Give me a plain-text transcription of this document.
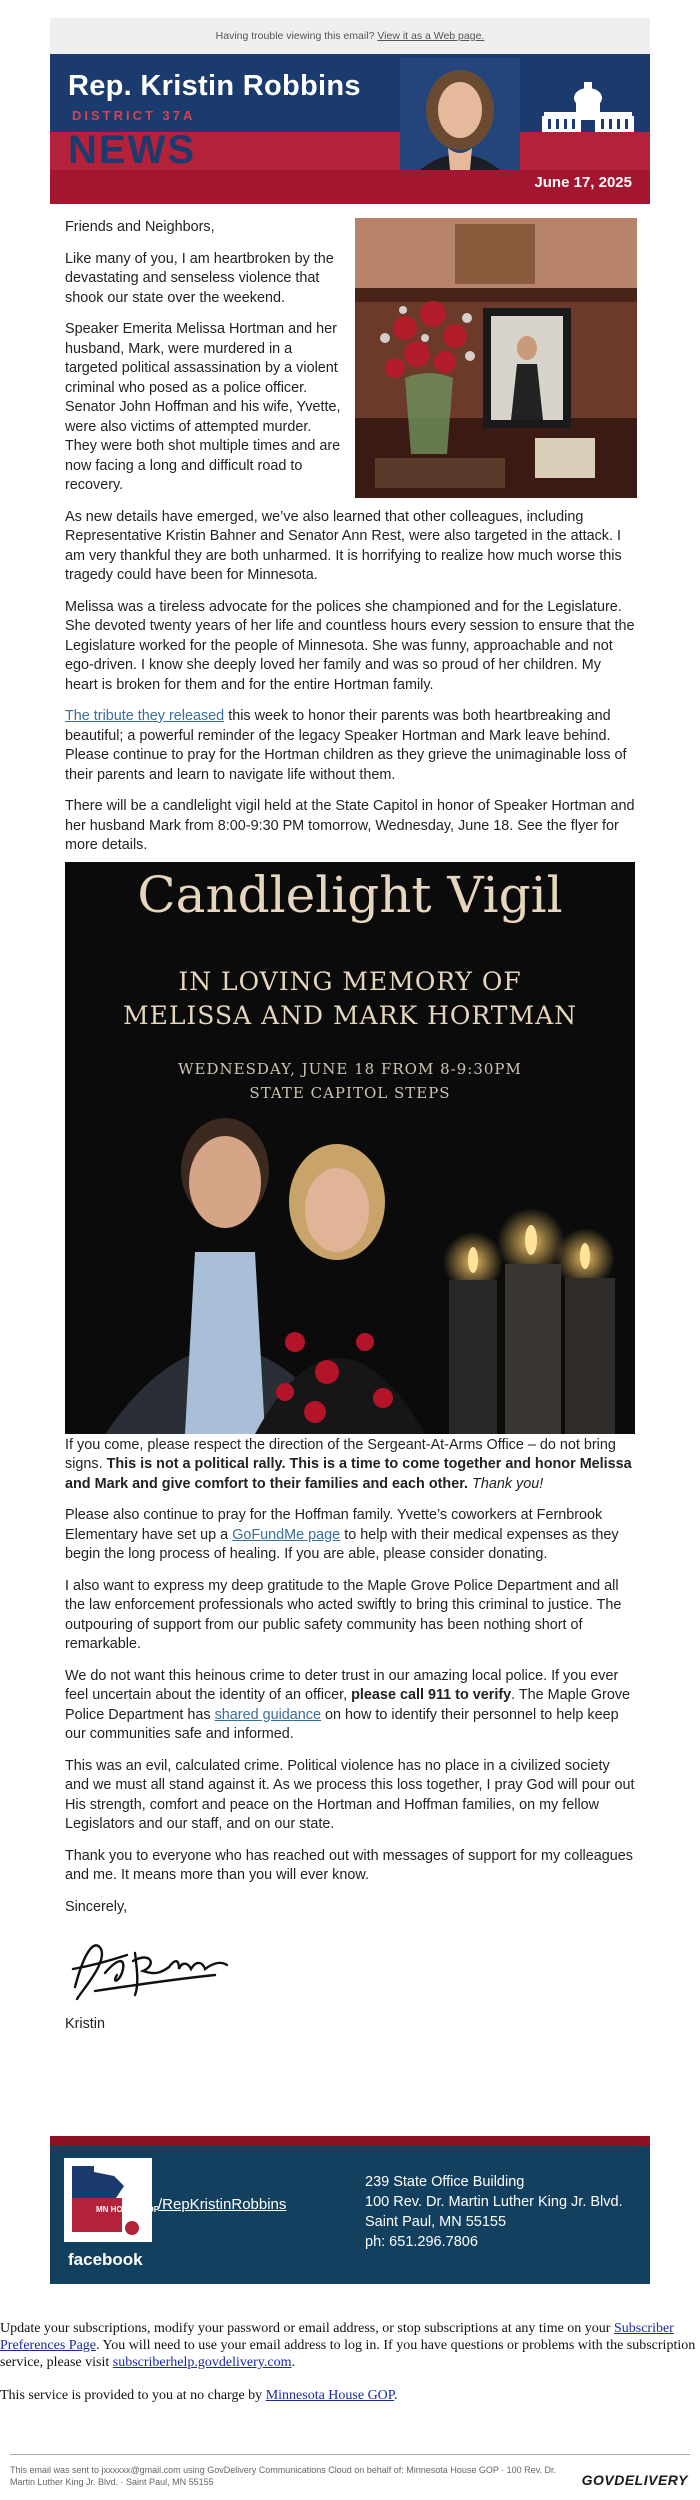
Having trouble viewing this email? View it as a Web page.
Rep. Kristin Robbins
DISTRICT 37A
NEWS
June 17, 2025

Friends and Neighbors,

Like many of you, I am heartbroken by the devastating and senseless violence that shook our state over the weekend.

Speaker Emerita Melissa Hortman and her husband, Mark, were murdered in a targeted political assassination by a violent criminal who posed as a police officer. Senator John Hoffman and his wife, Yvette, were also victims of attempted murder. They were both shot multiple times and are now facing a long and difficult road to recovery.

As new details have emerged, we’ve also learned that other colleagues, including Representative Kristin Bahner and Senator Ann Rest, were also targeted in the attack. I am very thankful they are both unharmed. It is horrifying to realize how much worse this tragedy could have been for Minnesota.

Melissa was a tireless advocate for the polices she championed and for the Legislature. She devoted twenty years of her life and countless hours every session to ensure that the Legislature worked for the people of Minnesota. She was funny, approachable and not ego-driven. I know she deeply loved her family and was so proud of her children. My heart is broken for them and for the entire Hortman family.

The tribute they released this week to honor their parents was both heartbreaking and beautiful; a powerful reminder of the legacy Speaker Hortman and Mark leave behind. Please continue to pray for the Hortman children as they grieve the unimaginable loss of their parents and learn to navigate life without them.

There will be a candlelight vigil held at the State Capitol in honor of Speaker Hortman and her husband Mark from 8:00-9:30 PM tomorrow, Wednesday, June 18. See the flyer for more details.

Candlelight Vigil
IN LOVING MEMORY OF
MELISSA AND MARK HORTMAN
WEDNESDAY, JUNE 18 FROM 8-9:30PM
STATE CAPITOL STEPS

If you come, please respect the direction of the Sergeant-At-Arms Office – do not bring signs. This is not a political rally. This is a time to come together and honor Melissa and Mark and give comfort to their families and each other. Thank you!

Please also continue to pray for the Hoffman family. Yvette’s coworkers at Fernbrook Elementary have set up a GoFundMe page to help with their medical expenses as they begin the long process of healing. If you are able, please consider donating.

I also want to express my deep gratitude to the Maple Grove Police Department and all the law enforcement professionals who acted swiftly to bring this criminal to justice. The outpouring of support from our public safety community has been nothing short of remarkable.

We do not want this heinous crime to deter trust in our amazing local police. If you ever feel uncertain about the identity of an officer, please call 911 to verify. The Maple Grove Police Department has shared guidance on how to identify their personnel to help keep our communities safe and informed.

This was an evil, calculated crime. Political violence has no place in a civilized society and we must all stand against it. As we process this loss together, I pray God will pour out His strength, comfort and peace on the Hortman and Hoffman families, on my fellow Legislators and our staff, and on our state.

Thank you to everyone who has reached out with messages of support for my colleagues and me. It means more than you will ever know.

Sincerely,

Kristin

MN HOUSE GOP
facebook
/RepKristinRobbins
239 State Office Building
100 Rev. Dr. Martin Luther King Jr. Blvd.
Saint Paul, MN 55155
ph: 651.296.7806

Update your subscriptions, modify your password or email address, or stop subscriptions at any time on your Subscriber Preferences Page. You will need to use your email address to log in. If you have questions or problems with the subscription service, please visit subscriberhelp.govdelivery.com.

This service is provided to you at no charge by Minnesota House GOP.

This email was sent to jxxxxxx@gmail.com using GovDelivery Communications Cloud on behalf of: Minnesota House GOP · 100 Rev. Dr. Martin Luther King Jr. Blvd. · Saint Paul, MN 55155	GOVDELIVERY
